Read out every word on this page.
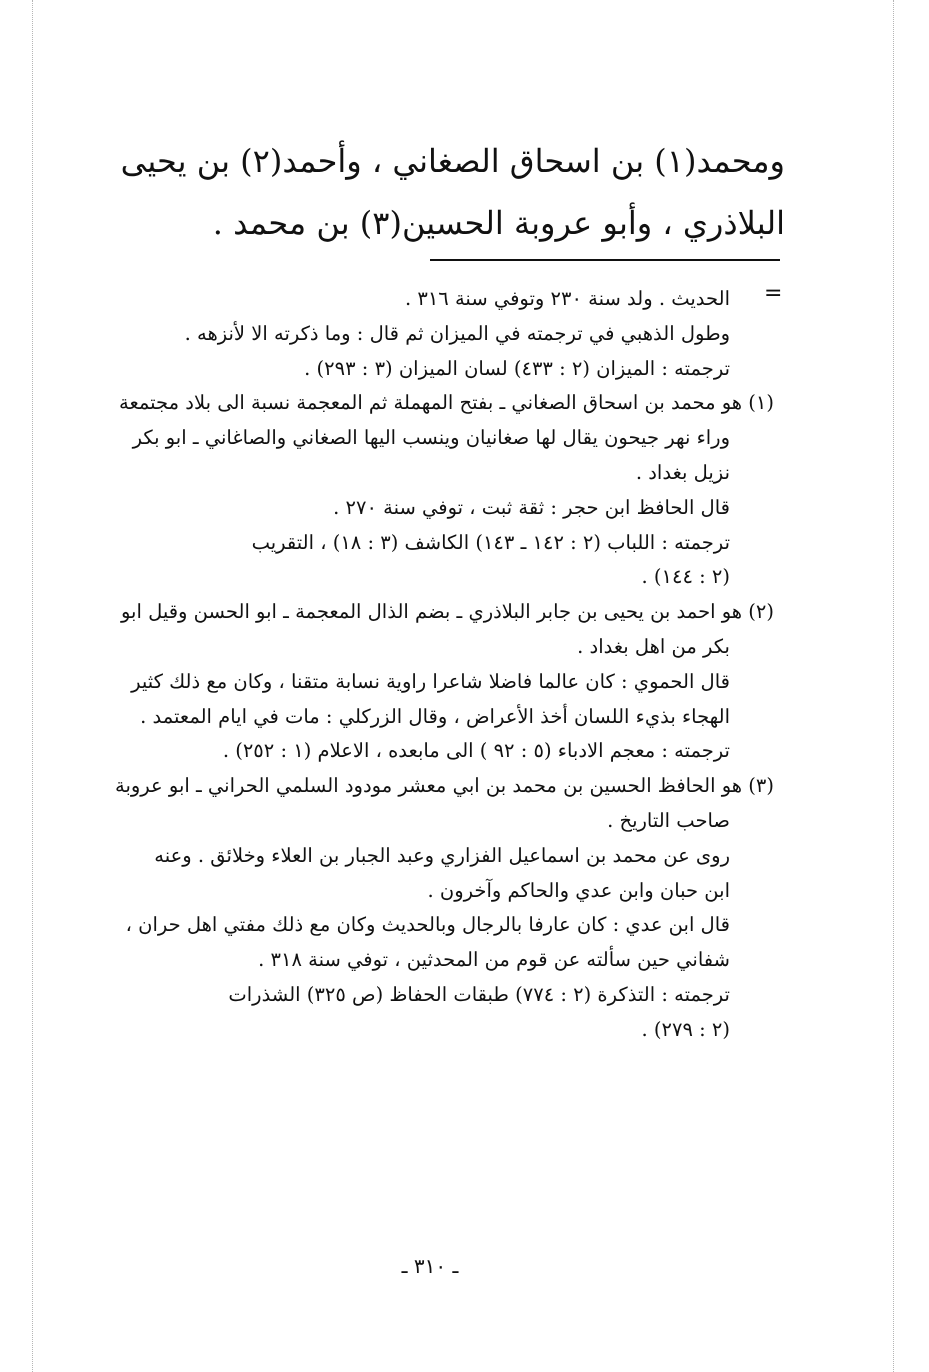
ومحمد(١) بن اسحاق الصغاني ، وأحمد(٢) بن يحيى
البلاذري ، وأبو عروبة الحسين(٣) بن محمد .
=
الحديث . ولد سنة ٢٣٠ وتوفي سنة ٣١٦ .
وطول الذهبي في ترجمته في الميزان ثم قال : وما ذكرته الا لأنزهه .
ترجمته : الميزان (٢ : ٤٣٣) لسان الميزان (٣ : ٢٩٣) .
(١) هو محمد بن اسحاق الصغاني ـ بفتح المهملة ثم المعجمة نسبة الى بلاد مجتمعة
وراء نهر جيحون يقال لها صغانيان وينسب اليها الصغاني والصاغاني ـ ابو بكر
نزيل بغداد .
قال الحافظ ابن حجر : ثقة ثبت ، توفي سنة ٢٧٠ .
ترجمته : اللباب (٢ : ١٤٢ ـ ١٤٣) الكاشف (٣ : ١٨) ، التقريب
(٢ : ١٤٤) .
(٢) هو احمد بن يحيى بن جابر البلاذري ـ بضم الذال المعجمة ـ ابو الحسن وقيل ابو
بكر من اهل بغداد .
قال الحموي : كان عالما فاضلا شاعرا راوية نسابة متقنا ، وكان مع ذلك كثير
الهجاء بذيء اللسان أخذ الأعراض ، وقال الزركلي : مات في ايام المعتمد .
ترجمته : معجم الادباء (٥ : ٩٢ ) الى مابعده ، الاعلام (١ : ٢٥٢) .
(٣) هو الحافظ الحسين بن محمد بن ابي معشر مودود السلمي الحراني ـ ابو عروبة
صاحب التاريخ .
روى عن محمد بن اسماعيل الفزاري وعبد الجبار بن العلاء وخلائق . وعنه
ابن حبان وابن عدي والحاكم وآخرون .
قال ابن عدي : كان عارفا بالرجال وبالحديث وكان مع ذلك مفتي اهل حران ،
شفاني حين سألته عن قوم من المحدثين ، توفي سنة ٣١٨ .
ترجمته : التذكرة (٢ : ٧٧٤) طبقات الحفاظ (ص ٣٢٥) الشذرات
(٢ : ٢٧٩) .
ـ ٣١٠ ـ
